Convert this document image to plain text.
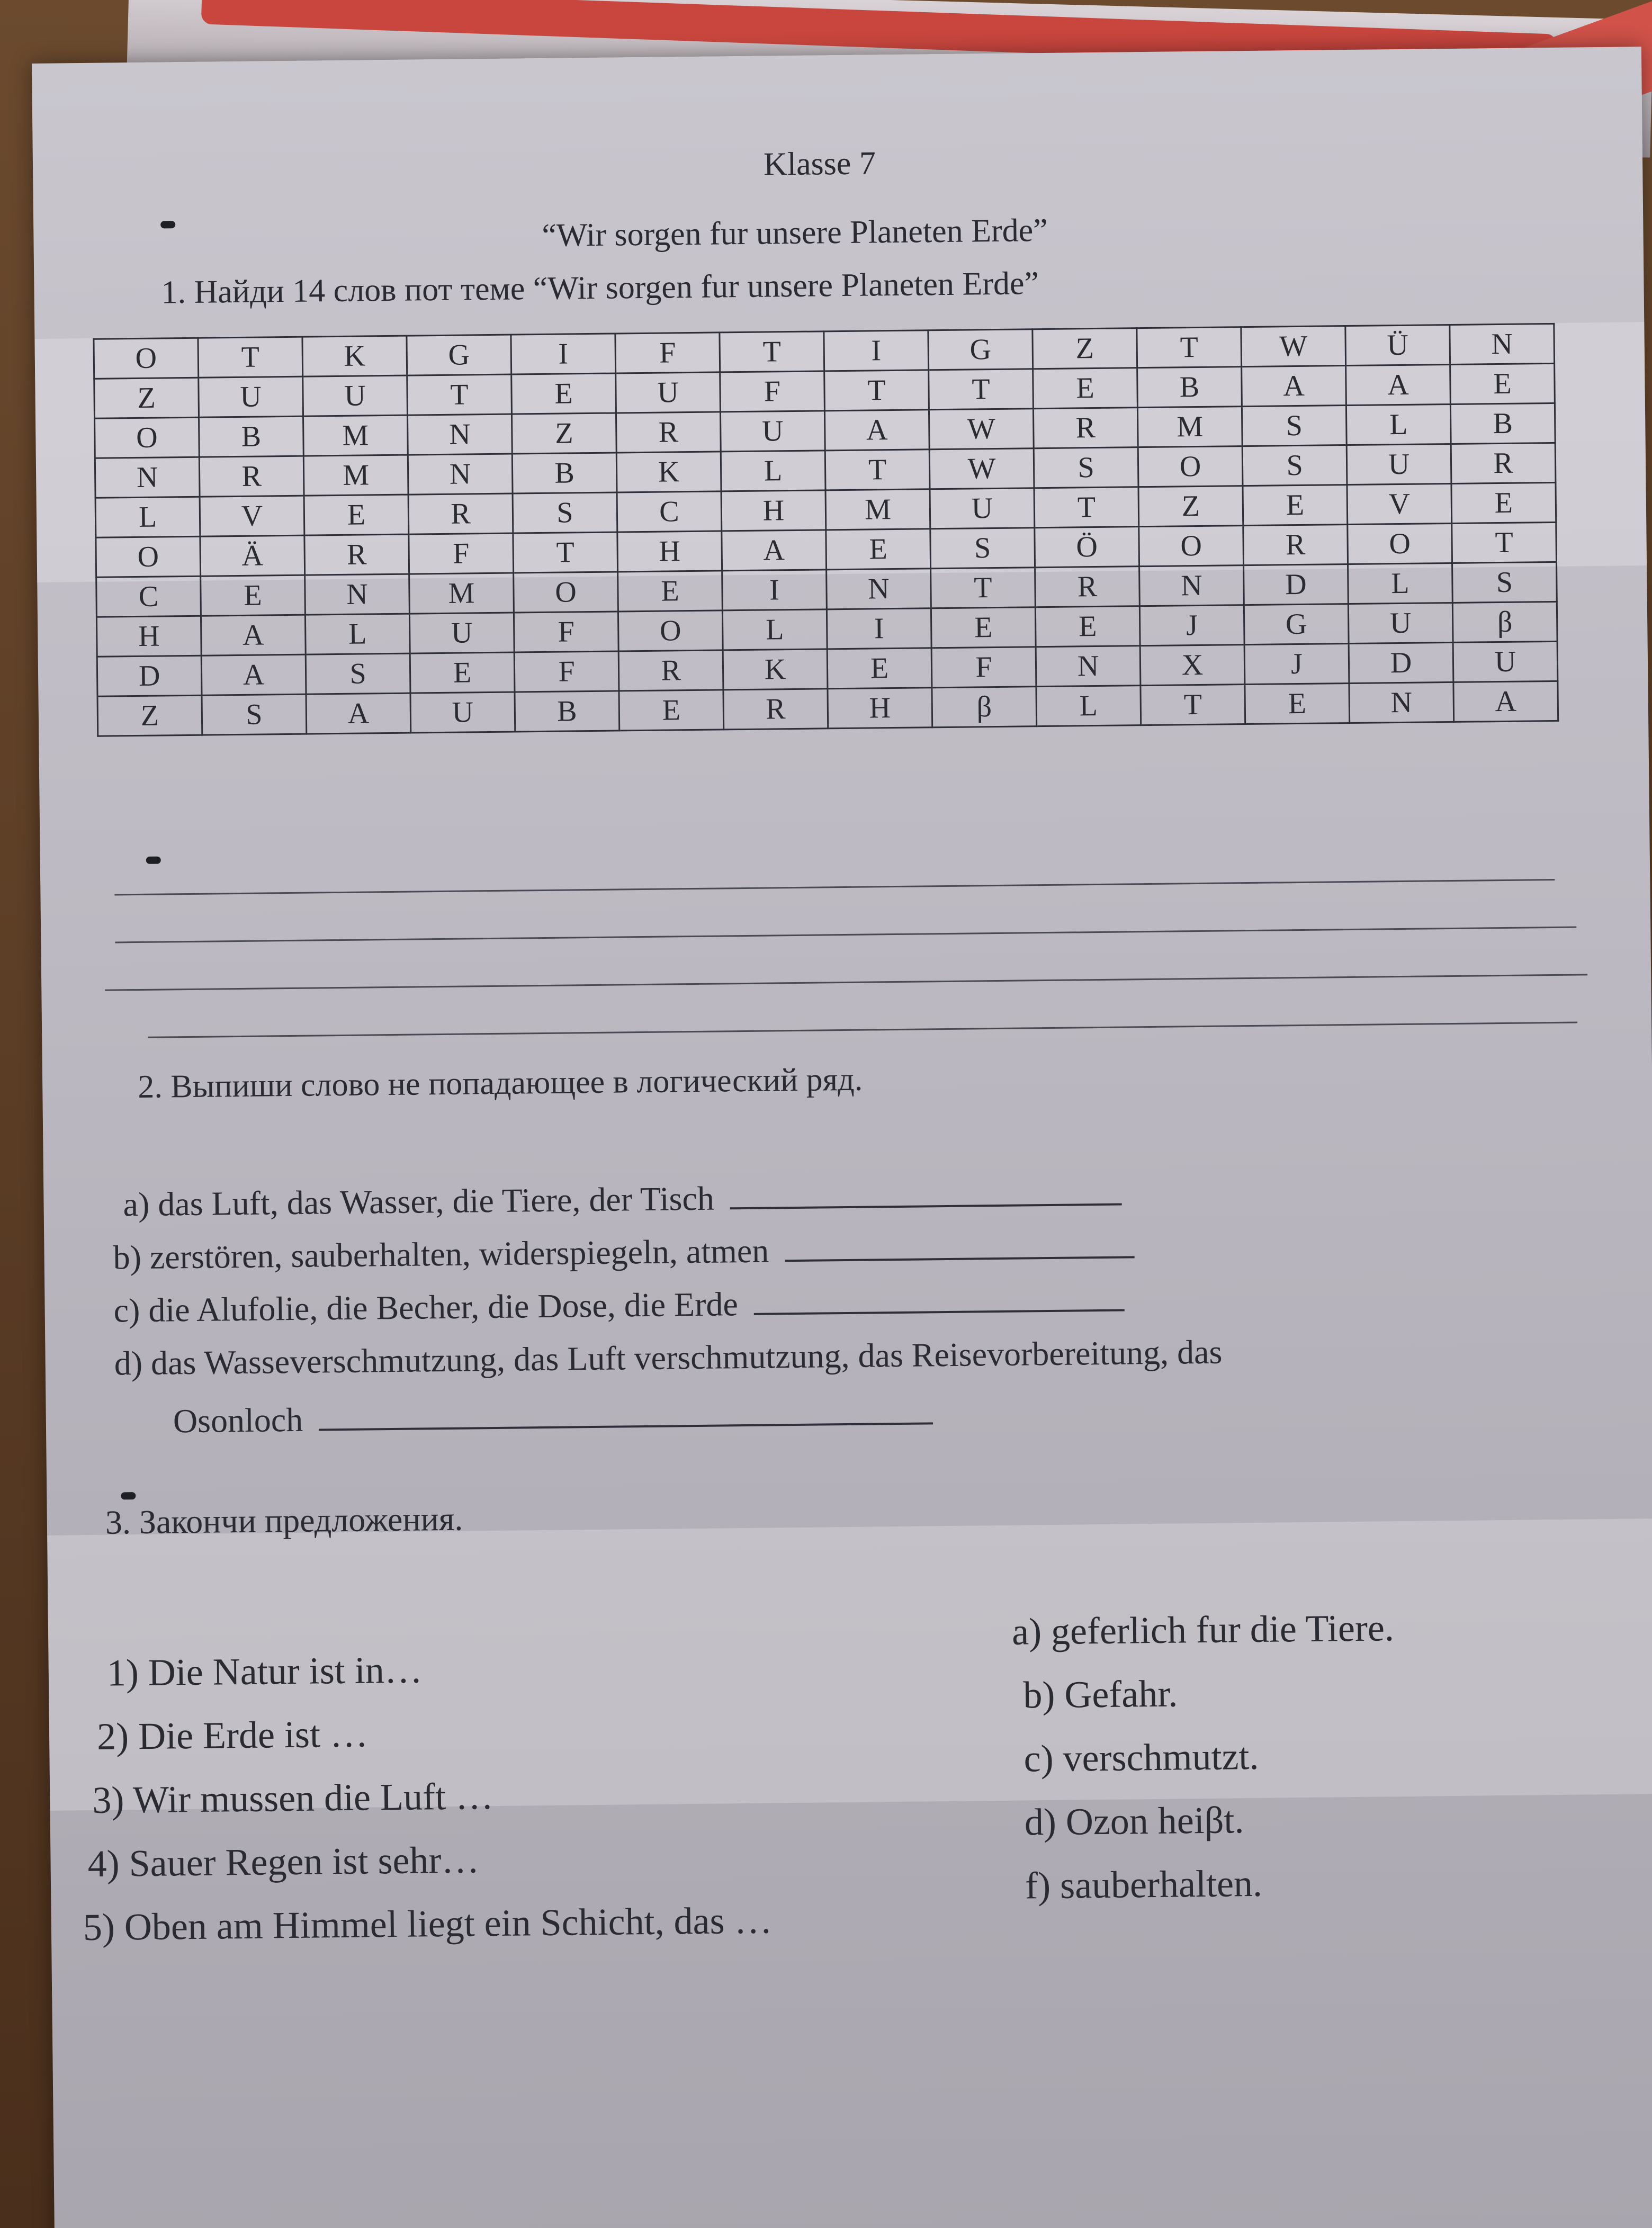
Klasse 7
“Wir sorgen fur unsere Planeten Erde”
1. Найди 14 слов пот теме “Wir sorgen fur unsere Planeten Erde”
O	T	K	G	I	F	T	I	G	Z	T	W	Ü	N
Z	U	U	T	E	U	F	T	T	E	B	A	A	E
O	B	M	N	Z	R	U	A	W	R	M	S	L	B
N	R	M	N	B	K	L	T	W	S	O	S	U	R
L	V	E	R	S	C	H	M	U	T	Z	E	V	E
O	Ä	R	F	T	H	A	E	S	Ö	O	R	O	T
C	E	N	M	O	E	I	N	T	R	N	D	L	S
H	A	L	U	F	O	L	I	E	E	J	G	U	β
D	A	S	E	F	R	K	E	F	N	X	J	D	U
Z	S	A	U	B	E	R	H	β	L	T	E	N	A
2. Выпиши слово не попадающее в логический ряд.
a) das Luft, das Wasser, die Tiere, der Tisch
b) zerstören, sauberhalten, widerspiegeln, atmen
c) die Alufolie, die Becher, die Dose, die Erde
d) das Wasseverschmutzung, das Luft verschmutzung, das Reisevorbereitung, das
Osonloch
3. Закончи предложения.
1) Die Natur ist in…
2) Die Erde ist …
3) Wir mussen die Luft …
4) Sauer Regen ist sehr…
5) Oben am Himmel liegt ein Schicht, das …
a) geferlich fur die Tiere.
b) Gefahr.
c) verschmutzt.
d) Ozon heiβt.
f) sauberhalten.
